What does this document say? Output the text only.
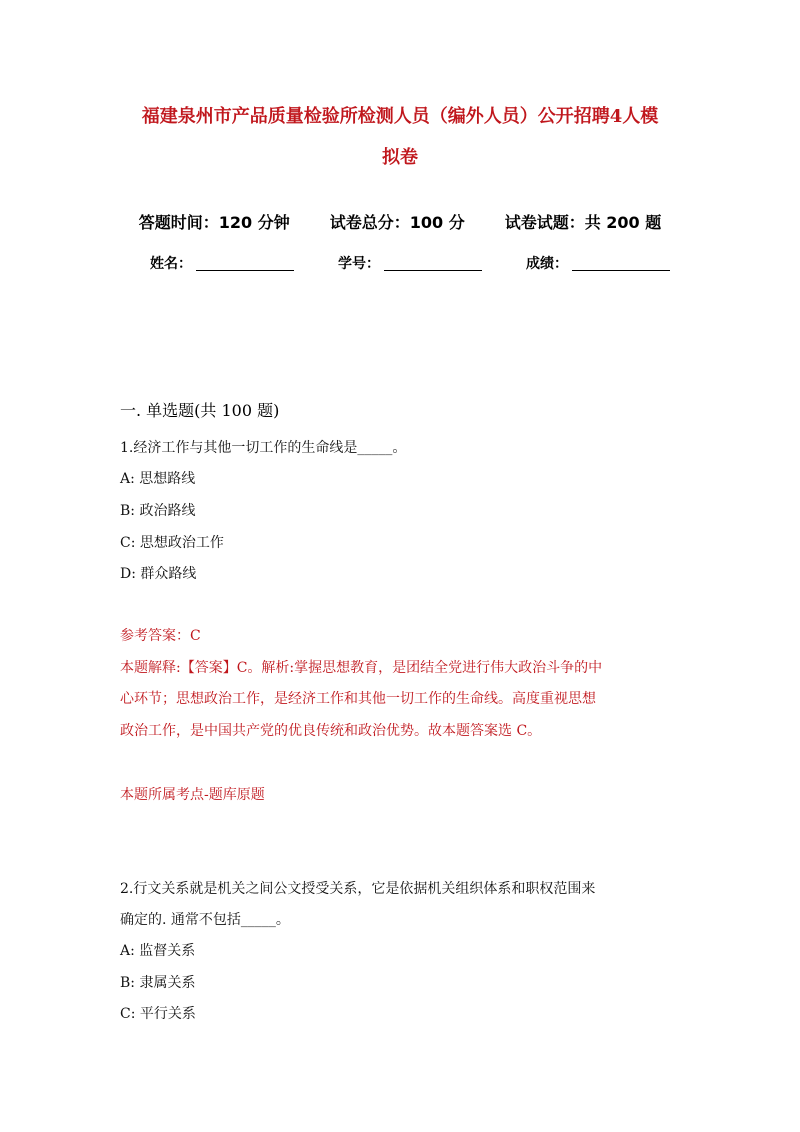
福建泉州市产品质量检验所检测人员（编外人员）公开招聘4人模
拟卷
答题时间：120 分钟	试卷总分：100 分	试卷试题：共 200 题
姓名：	学号：	成绩：
一. 单选题(共 100 题)
1.经济工作与其他一切工作的生命线是_____。
A: 思想路线
B: 政治路线
C: 思想政治工作
D: 群众路线
参考答案：C
本题解释:【答案】C。解析:掌握思想教育，是团结全党进行伟大政治斗争的中
心环节；思想政治工作，是经济工作和其他一切工作的生命线。高度重视思想
政治工作，是中国共产党的优良传统和政治优势。故本题答案选 C。
本题所属考点-题库原题
2.行文关系就是机关之间公文授受关系，它是依据机关组织体系和职权范围来
确定的. 通常不包括_____。
A: 监督关系
B: 隶属关系
C: 平行关系
